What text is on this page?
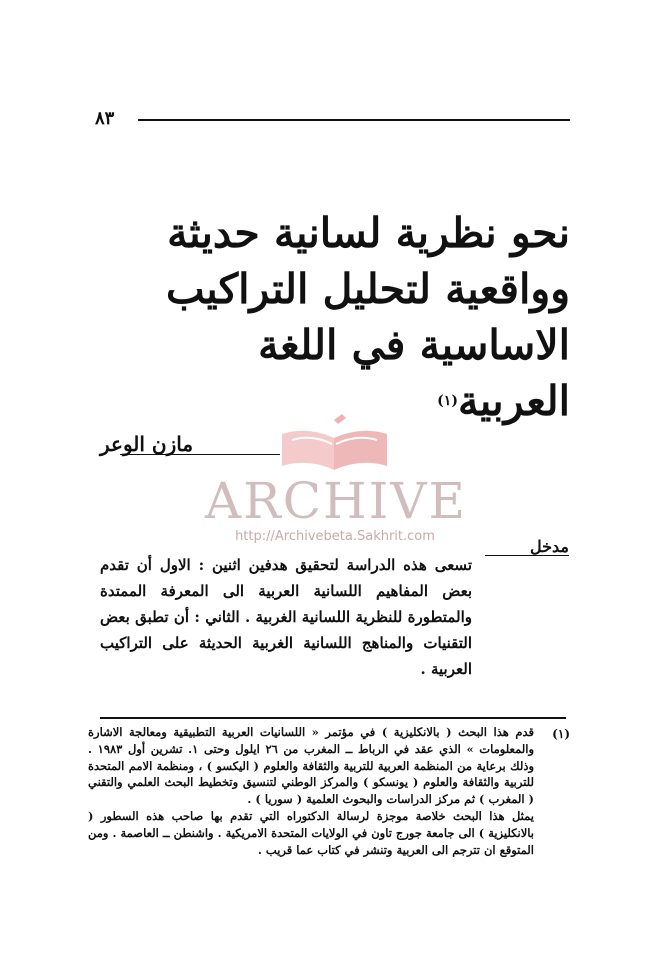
٨٣
نحو نظرية لسانية حديثة وواقعية لتحليل التراكيب الاساسية في اللغة العربية$^{(١)}$
مازن الوعر
ARCHIVE
http://Archivebeta.Sakhrit.com
مدخل
تسعى هذه الدراسة لتحقيق هدفين اثنين : الاول أن تقدم بعض المفاهيم اللسانية العربية الى المعرفة الممتدة والمتطورة للنظرية اللسانية الغربية . الثاني : أن تطبق بعض التقنيات والمناهج اللسانية الغربية الحديثة على التراكيب العربية .
(١)

قدم هذا البحث ( بالانكليزية ) في مؤتمر « اللسانيات العربية التطبيقية ومعالجة الاشارة والمعلومات » الذي عقد في الرباط ــ المغرب من ٢٦ ايلول وحتى ١. تشرين أول ١٩٨٣ . وذلك برعاية من المنظمة العربية للتربية والثقافة والعلوم ( اليكسو ) ، ومنظمة الامم المتحدة للتربية والثقافة والعلوم ( يونسكو ) والمركز الوطني لتنسيق وتخطيط البحث العلمي والتقني ( المغرب ) ثم مركز الدراسات والبحوث العلمية ( سوريا ) .

يمثل هذا البحث خلاصة موجزة لرسالة الدكتوراه التي تقدم بها صاحب هذه السطور ( بالانكليزية ) الى جامعة جورج تاون في الولايات المتحدة الامريكية . واشنطن ــ العاصمة . ومن المتوقع ان تترجم الى العربية وتنشر في كتاب عما قريب .
